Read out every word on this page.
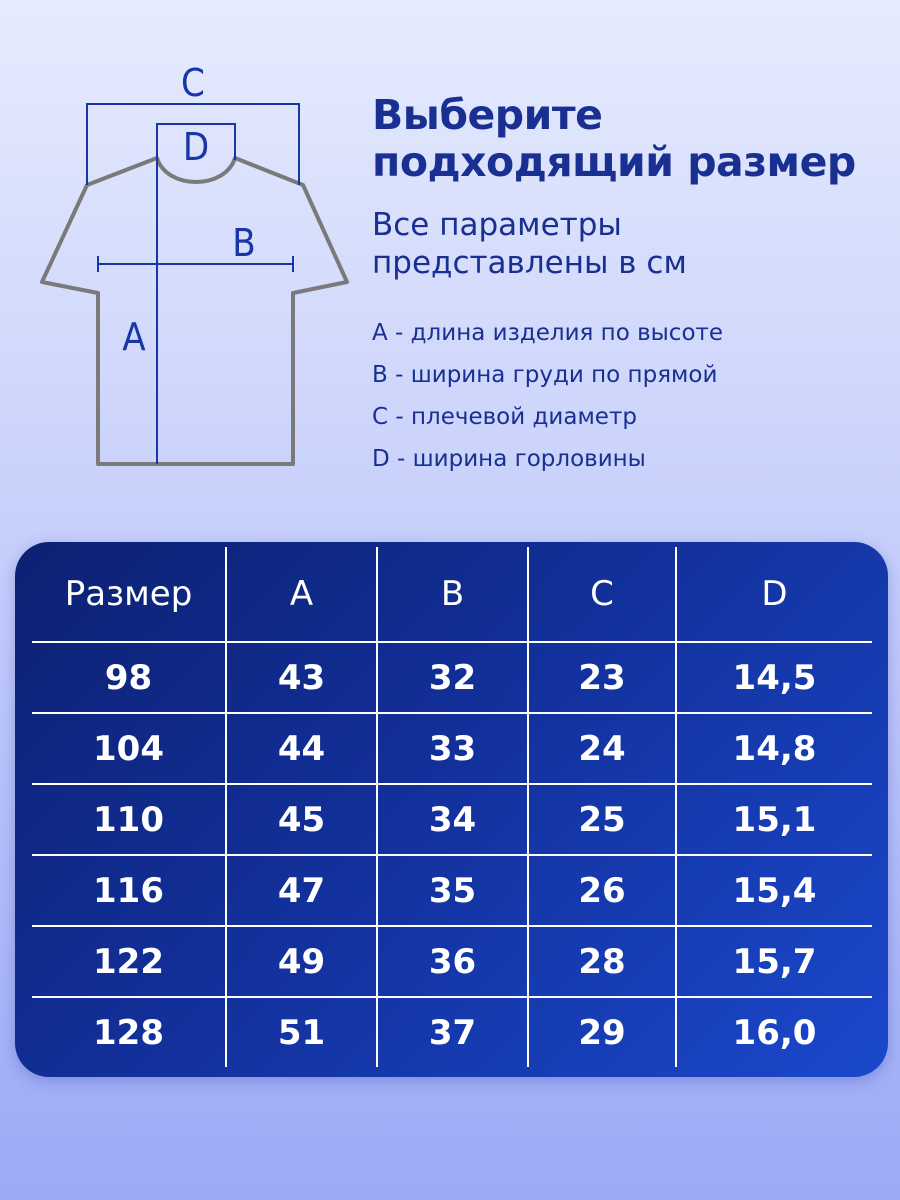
C
D
B
A
Выберите
подходящий размер

Все параметры
представлены в см

A - длина изделия по высоте
B - ширина груди по прямой
C - плечевой диаметр
D - ширина горловины
Размер	A	B	C	D
98	43	32	23	14,5
104	44	33	24	14,8
110	45	34	25	15,1
116	47	35	26	15,4
122	49	36	28	15,7
128	51	37	29	16,0
